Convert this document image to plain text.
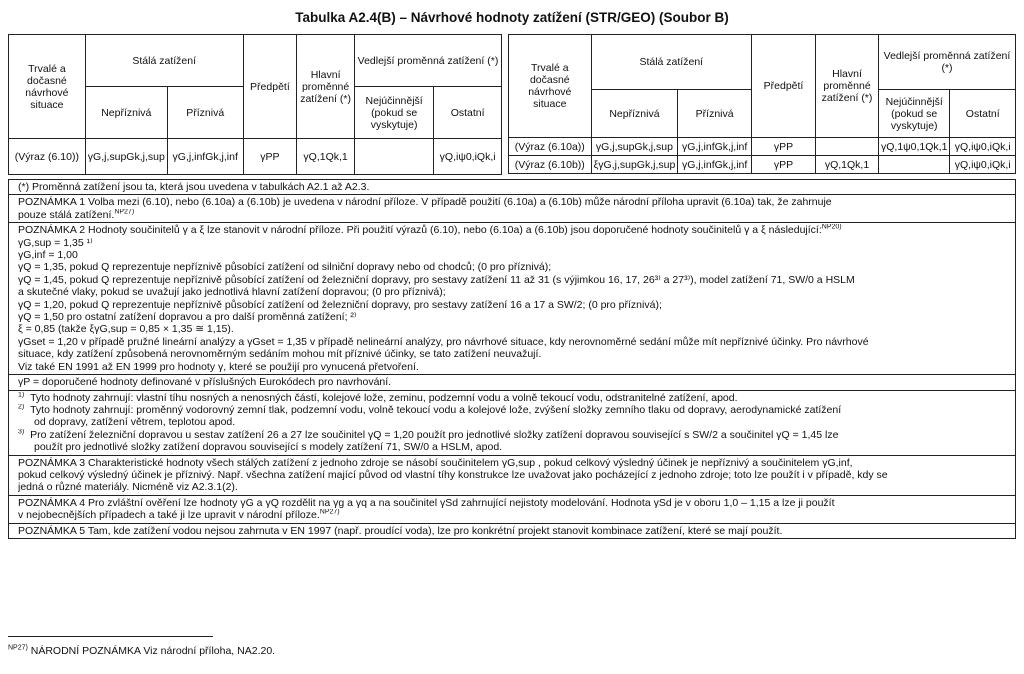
Tabulka A2.4(B) – Návrhové hodnoty zatížení (STR/GEO) (Soubor B)
Trvalé a dočasné návrhové situace	Stálá zatížení		Předpětí	Hlavní proměnné zatížení (*)	Vedlejší proměnná zatížení (*)	
	Nepříznivá	Příznivá			Nejúčinnější (pokud se vyskytuje)	Ostatní
(Výraz (6.10))	γG,j,supGk,j,sup	γG,j,infGk,j,inf	γPP	γQ,1Qk,1		γQ,iψ0,iQk,i
Trvalé a dočasné návrhové situace	Stálá zatížení		Předpětí	Hlavní proměnné zatížení (*)	Vedlejší proměnná zatížení (*)	
	Nepříznivá	Příznivá			Nejúčinnější (pokud se vyskytuje)	Ostatní
(Výraz (6.10a))	γG,j,supGk,j,sup	γG,j,infGk,j,inf	γPP		γQ,1ψ0,1Qk,1	γQ,iψ0,iQk,i
(Výraz (6.10b))	ξγG,j,supGk,j,sup	γG,j,infGk,j,inf	γPP	γQ,1Qk,1		γQ,iψ0,iQk,i
(*) Proměnná zatížení jsou ta, která jsou uvedena v tabulkách A2.1 až A2.3.
POZNÁMKA 1 Volba mezi (6.10), nebo (6.10a) a (6.10b) je uvedena v národní příloze. V případě použití (6.10a) a (6.10b) může národní příloha upravit (6.10a) tak, že zahrnuje
pouze stálá zatížení.$^{NP27)}$
POZNÁMKA 2 Hodnoty součinitelů γ a ξ lze stanovit v národní příloze. Při použití výrazů (6.10), nebo (6.10a) a (6.10b) jsou doporučené hodnoty součinitelů γ a ξ následující:$^{NP20)}$
γG,sup = 1,35 ¹⁾
γG,inf = 1,00
γQ = 1,35, pokud Q reprezentuje nepříznivě působící zatížení od silniční dopravy nebo od chodců; (0 pro příznivá);
γQ = 1,45, pokud Q reprezentuje nepříznivě působící zatížení od železniční dopravy, pro sestavy zatížení 11 až 31 (s výjimkou 16, 17, 26³⁾ a 27³⁾), model zatížení 71, SW/0 a HSLM
a skutečné vlaky, pokud se uvažují jako jednotlivá hlavní zatížení dopravou; (0 pro příznivá);
γQ = 1,20, pokud Q reprezentuje nepříznivě působící zatížení od železniční dopravy, pro sestavy zatížení 16 a 17 a SW/2; (0 pro příznivá);
γQ = 1,50 pro ostatní zatížení dopravou a pro další proměnná zatížení; ²⁾
ξ = 0,85 (takže ξγG,sup = 0,85 × 1,35 ≅ 1,15).
γGset = 1,20 v případě pružné lineární analýzy a γGset = 1,35 v případě nelineární analýzy, pro návrhové situace, kdy nerovnoměrné sedání může mít nepříznivé účinky. Pro návrhové
situace, kdy zatížení způsobená nerovnoměrným sedáním mohou mít příznivé účinky, se tato zatížení neuvažují.
Viz také EN 1991 až EN 1999 pro hodnoty γ, které se použijí pro vynucená přetvoření.
γP = doporučené hodnoty definované v příslušných Eurokódech pro navrhování.
$^{1)}$ Tyto hodnoty zahrnují: vlastní tíhu nosných a nenosných částí, kolejové lože, zeminu, podzemní vodu a volně tekoucí vodu, odstranitelné zatížení, apod.
$^{2)}$ Tyto hodnoty zahrnují: proměnný vodorovný zemní tlak, podzemní vodu, volně tekoucí vodu a kolejové lože, zvýšení složky zemního tlaku od dopravy, aerodynamické zatížení
od dopravy, zatížení větrem, teplotou apod.
$^{3)}$ Pro zatížení železniční dopravou u sestav zatížení 26 a 27 lze součinitel γQ = 1,20 použít pro jednotlivé složky zatížení dopravou související s SW/2 a součinitel γQ = 1,45 lze
použít pro jednotlivé složky zatížení dopravou související s modely zatížení 71, SW/0 a HSLM, apod.
POZNÁMKA 3 Charakteristické hodnoty všech stálých zatížení z jednoho zdroje se násobí součinitelem γG,sup , pokud celkový výsledný účinek je nepříznivý a součinitelem γG,inf,
pokud celkový výsledný účinek je příznivý. Např. všechna zatížení mající původ od vlastní tíhy konstrukce lze uvažovat jako pocházející z jednoho zdroje; toto lze použít i v případě, kdy se
jedná o různé materiály. Nicméně viz A2.3.1(2).
POZNÁMKA 4 Pro zvláštní ověření lze hodnoty γG a γQ rozdělit na γg a γq a na součinitel γSd zahrnující nejistoty modelování. Hodnota γSd je v oboru 1,0 – 1,15 a lze ji použít
v nejobecnějších případech a také ji lze upravit v národní příloze.$^{NP27)}$
POZNÁMKA 5 Tam, kde zatížení vodou nejsou zahrnuta v EN 1997 (např. proudící voda), lze pro konkrétní projekt stanovit kombinace zatížení, které se mají použít.
$^{NP27)}$ NÁRODNÍ POZNÁMKA Viz národní příloha, NA2.20.
